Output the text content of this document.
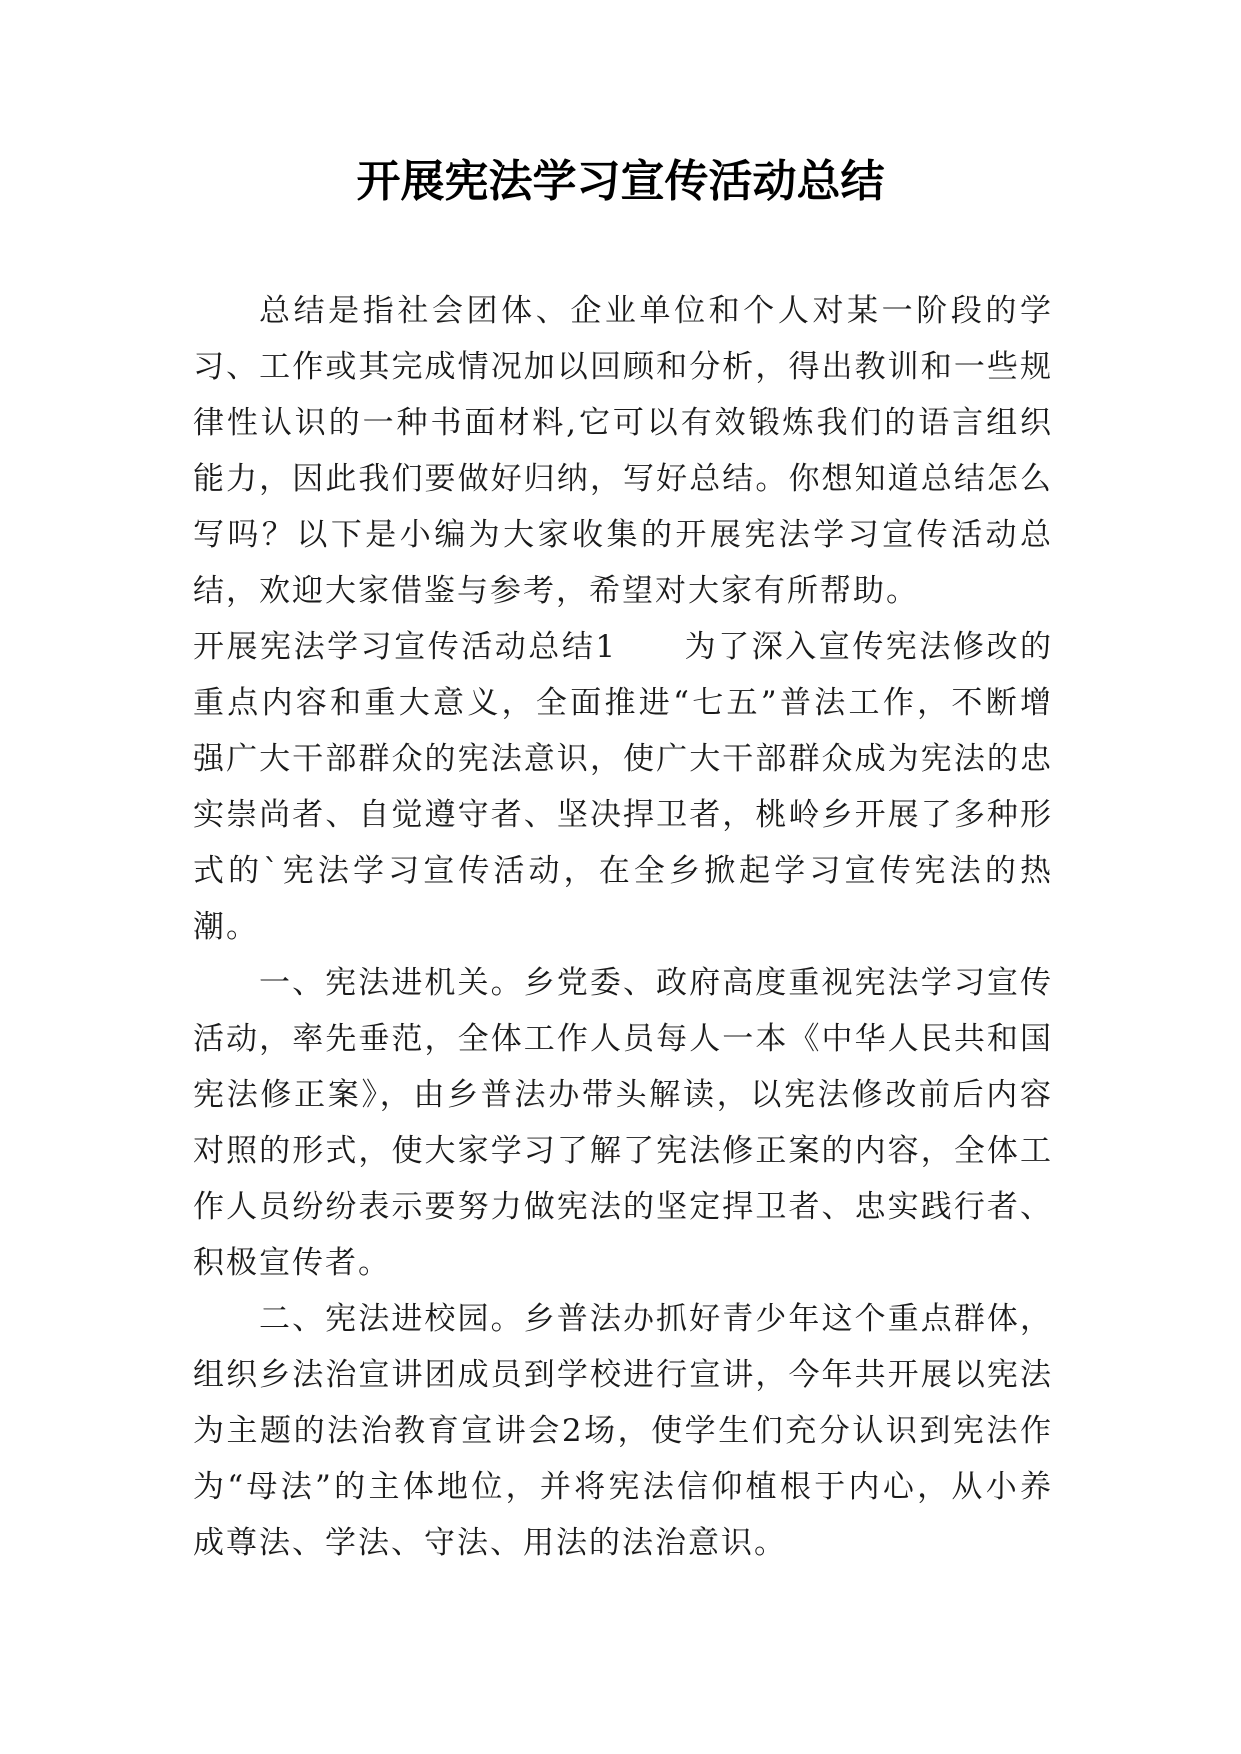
开展宪法学习宣传活动总结

总结是指社会团体、企业单位和个人对某一阶段的学习、工作或其完成情况加以回顾和分析，得出教训和一些规律性认识的一种书面材料,它可以有效锻炼我们的语言组织能力，因此我们要做好归纳，写好总结。你想知道总结怎么写吗？以下是小编为大家收集的开展宪法学习宣传活动总结，欢迎大家借鉴与参考，希望对大家有所帮助。

开展宪法学习宣传活动总结1　　为了深入宣传宪法修改的重点内容和重大意义，全面推进“七五”普法工作，不断增强广大干部群众的宪法意识，使广大干部群众成为宪法的忠实崇尚者、自觉遵守者、坚决捍卫者，桃岭乡开展了多种形式的`宪法学习宣传活动，在全乡掀起学习宣传宪法的热潮。

一、宪法进机关。乡党委、政府高度重视宪法学习宣传活动，率先垂范，全体工作人员每人一本《中华人民共和国宪法修正案》，由乡普法办带头解读，以宪法修改前后内容对照的形式，使大家学习了解了宪法修正案的内容，全体工作人员纷纷表示要努力做宪法的坚定捍卫者、忠实践行者、积极宣传者。

二、宪法进校园。乡普法办抓好青少年这个重点群体，组织乡法治宣讲团成员到学校进行宣讲，今年共开展以宪法为主题的法治教育宣讲会2场，使学生们充分认识到宪法作为“母法”的主体地位，并将宪法信仰植根于内心，从小养成尊法、学法、守法、用法的法治意识。
